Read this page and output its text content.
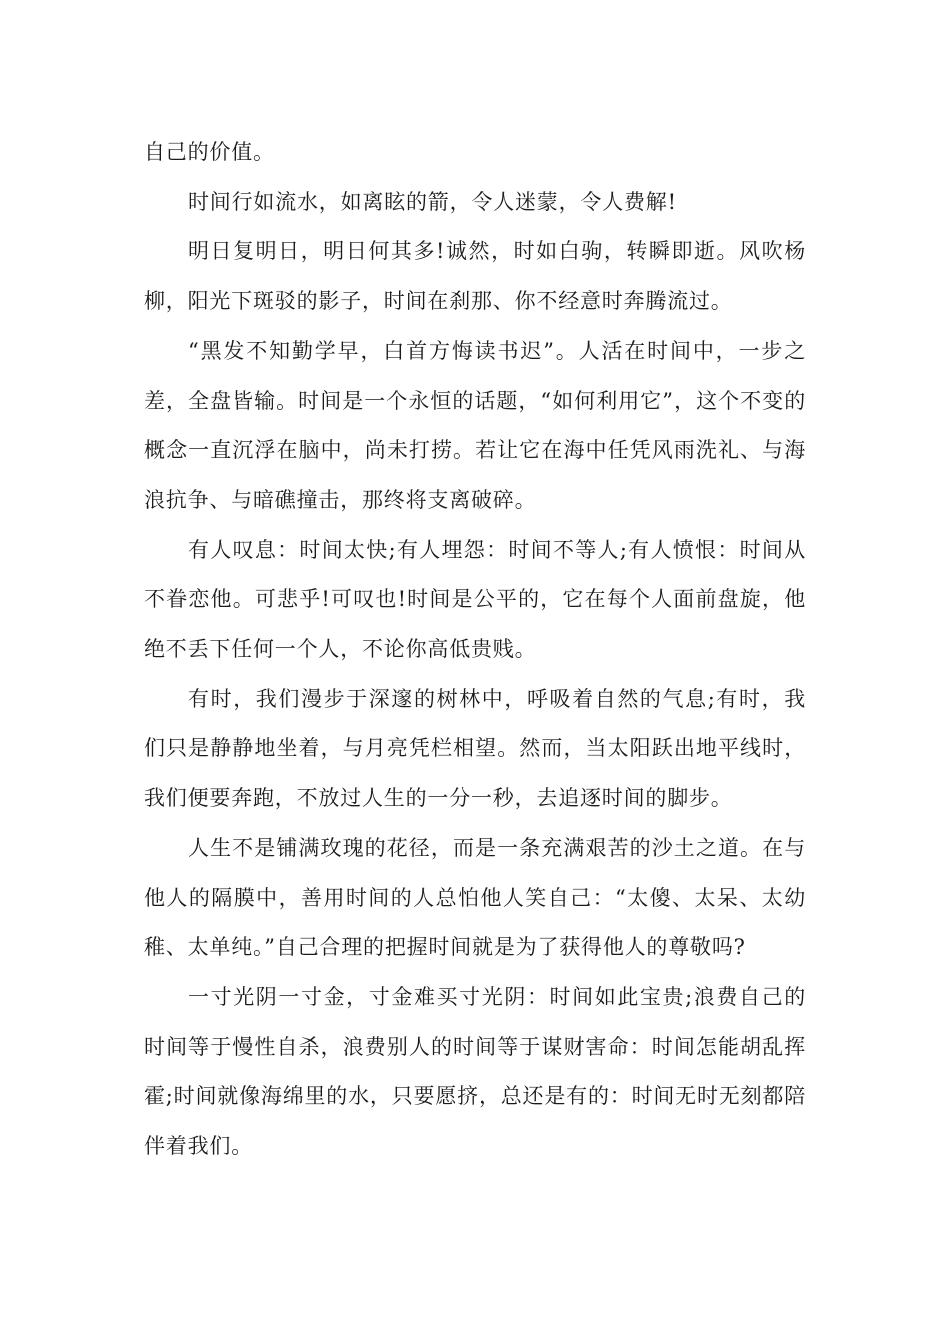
自己的价值。

时间行如流水，如离眩的箭，令人迷蒙，令人费解!

明日复明日，明日何其多!诚然，时如白驹，转瞬即逝。风吹杨柳，阳光下斑驳的影子，时间在刹那、你不经意时奔腾流过。

“黑发不知勤学早，白首方悔读书迟”。人活在时间中，一步之差，全盘皆输。时间是一个永恒的话题，“如何利用它”，这个不变的概念一直沉浮在脑中，尚未打捞。若让它在海中任凭风雨洗礼、与海浪抗争、与暗礁撞击，那终将支离破碎。

有人叹息：时间太快;有人埋怨：时间不等人;有人愤恨：时间从不眷恋他。可悲乎!可叹也!时间是公平的，它在每个人面前盘旋，他绝不丢下任何一个人，不论你高低贵贱。

有时，我们漫步于深邃的树林中，呼吸着自然的气息;有时，我们只是静静地坐着，与月亮凭栏相望。然而，当太阳跃出地平线时，我们便要奔跑，不放过人生的一分一秒，去追逐时间的脚步。

人生不是铺满玫瑰的花径，而是一条充满艰苦的沙土之道。在与他人的隔膜中，善用时间的人总怕他人笑自己：“太傻、太呆、太幼稚、太单纯。”自己合理的把握时间就是为了获得他人的尊敬吗?

一寸光阴一寸金，寸金难买寸光阴：时间如此宝贵;浪费自己的时间等于慢性自杀，浪费别人的时间等于谋财害命：时间怎能胡乱挥霍;时间就像海绵里的水，只要愿挤，总还是有的：时间无时无刻都陪伴着我们。
